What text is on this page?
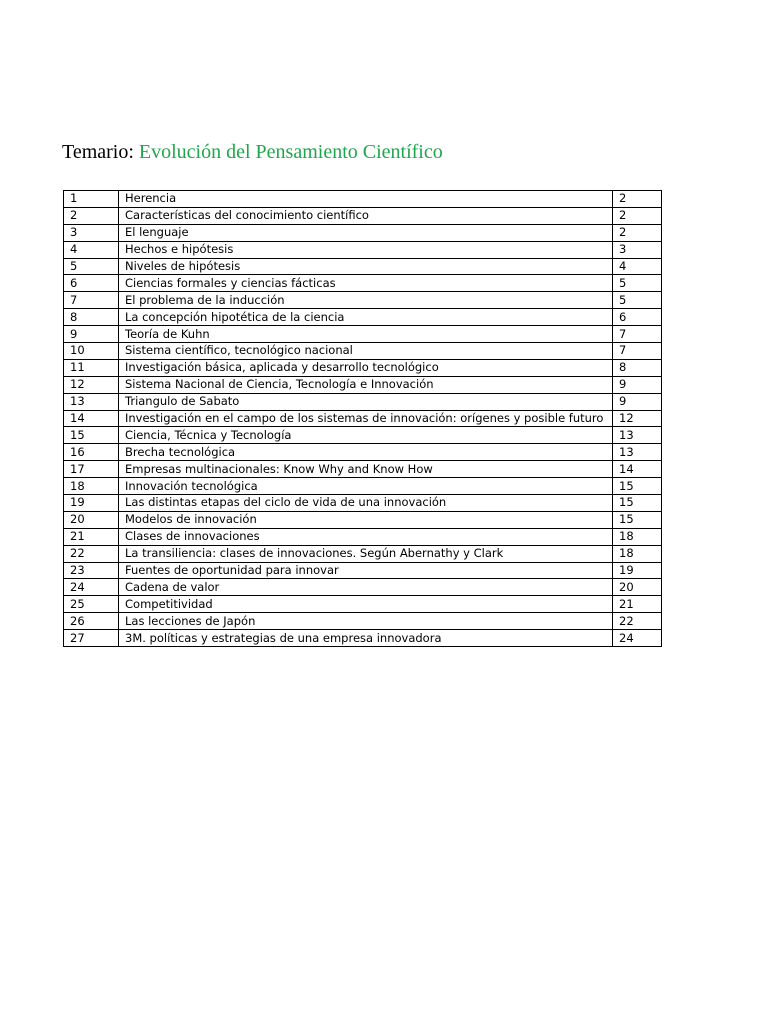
Temario: Evolución del Pensamiento Científico
1	Herencia	2
2	Características del conocimiento científico	2
3	El lenguaje	2
4	Hechos e hipótesis	3
5	Niveles de hipótesis	4
6	Ciencias formales y ciencias fácticas	5
7	El problema de la inducción	5
8	La concepción hipotética de la ciencia	6
9	Teoría de Kuhn	7
10	Sistema científico, tecnológico nacional	7
11	Investigación básica, aplicada y desarrollo tecnológico	8
12	Sistema Nacional de Ciencia, Tecnología e Innovación	9
13	Triangulo de Sabato	9
14	Investigación en el campo de los sistemas de innovación: orígenes y posible futuro	12
15	Ciencia, Técnica y Tecnología	13
16	Brecha tecnológica	13
17	Empresas multinacionales: Know Why and Know How	14
18	Innovación tecnológica	15
19	Las distintas etapas del ciclo de vida de una innovación	15
20	Modelos de innovación	15
21	Clases de innovaciones	18
22	La transiliencia: clases de innovaciones. Según Abernathy y Clark	18
23	Fuentes de oportunidad para innovar	19
24	Cadena de valor	20
25	Competitividad	21
26	Las lecciones de Japón	22
27	3M. políticas y estrategias de una empresa innovadora	24
